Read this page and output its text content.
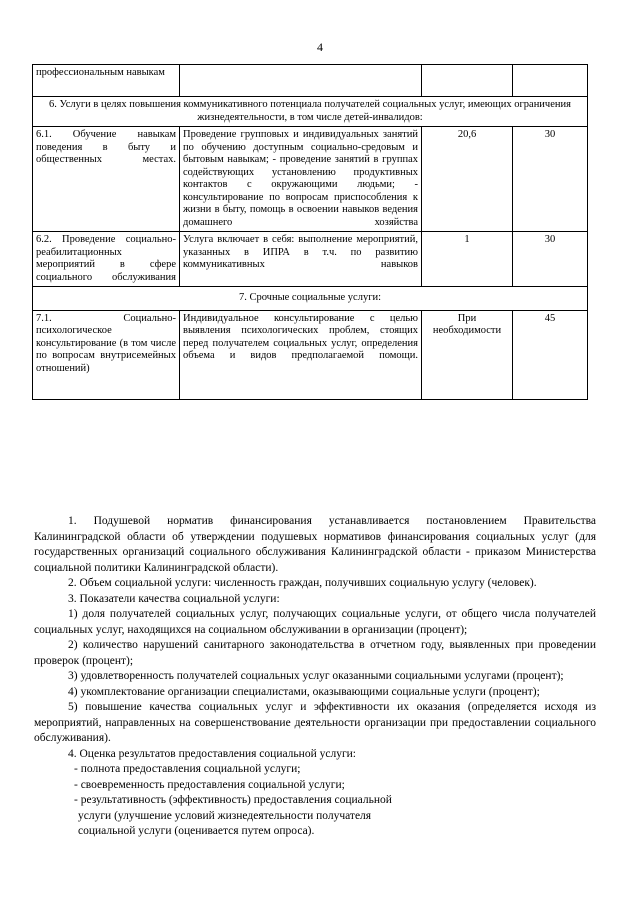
4
профессиональным навыкам			
6. Услуги в целях повышения коммуникативного потенциала получателей социальных услуг, имеющих ограничения жизнедеятельности, в том числе детей-инвалидов:			
6.1. Обучение навыкам поведения в быту и общественных местах.	Проведение групповых и индивидуальных занятий по обучению доступным социально-средовым и бытовым навыкам; - проведение занятий в группах содействующих установлению продуктивных контактов с окружающими людьми; - консультирование по вопросам приспособления к жизни в быту, помощь в освоении навыков ведения домашнего хозяйства	20,6	30
6.2. Проведение социально-реабилитационных мероприятий в сфере социального обслуживания	Услуга включает в себя: выполнение мероприятий, указанных в ИПРА в т.ч. по развитию коммуникативных навыков	1	30
7. Срочные социальные услуги:			
7.1. Социально-психологическое консультирование (в том числе по вопросам внутрисемейных отношений)	Индивидуальное консультирование с целью выявления психологических проблем, стоящих перед получателем социальных услуг, определения объема и видов предполагаемой помощи.	При необходимости	45

1. Подушевой норматив финансирования устанавливается постановлением Правительства Калининградской области об утверждении подушевых нормативов финансирования социальных услуг (для государственных организаций социального обслуживания Калининградской области - приказом Министерства социальной политики Калининградской области).

2. Объем социальной услуги: численность граждан, получивших социальную услугу (человек).

3. Показатели качества социальной услуги:

1) доля получателей социальных услуг, получающих социальные услуги, от общего числа получателей социальных услуг, находящихся на социальном обслуживании в организации (процент);

2) количество нарушений санитарного законодательства в отчетном году, выявленных при проведении проверок (процент);

3) удовлетворенность получателей социальных услуг оказанными социальными услугами (процент);

4) укомплектование организации специалистами, оказывающими социальные услуги (процент);

5) повышение качества социальных услуг и эффективности их оказания (определяется исходя из мероприятий, направленных на совершенствование деятельности организации при предоставлении социального обслуживания).

4. Оценка результатов предоставления социальной услуги:

- полнота предоставления социальной услуги;

- своевременность предоставления социальной услуги;

- результативность (эффективность) предоставления социальной

услуги (улучшение условий жизнедеятельности получателя

социальной услуги (оценивается путем опроса).
